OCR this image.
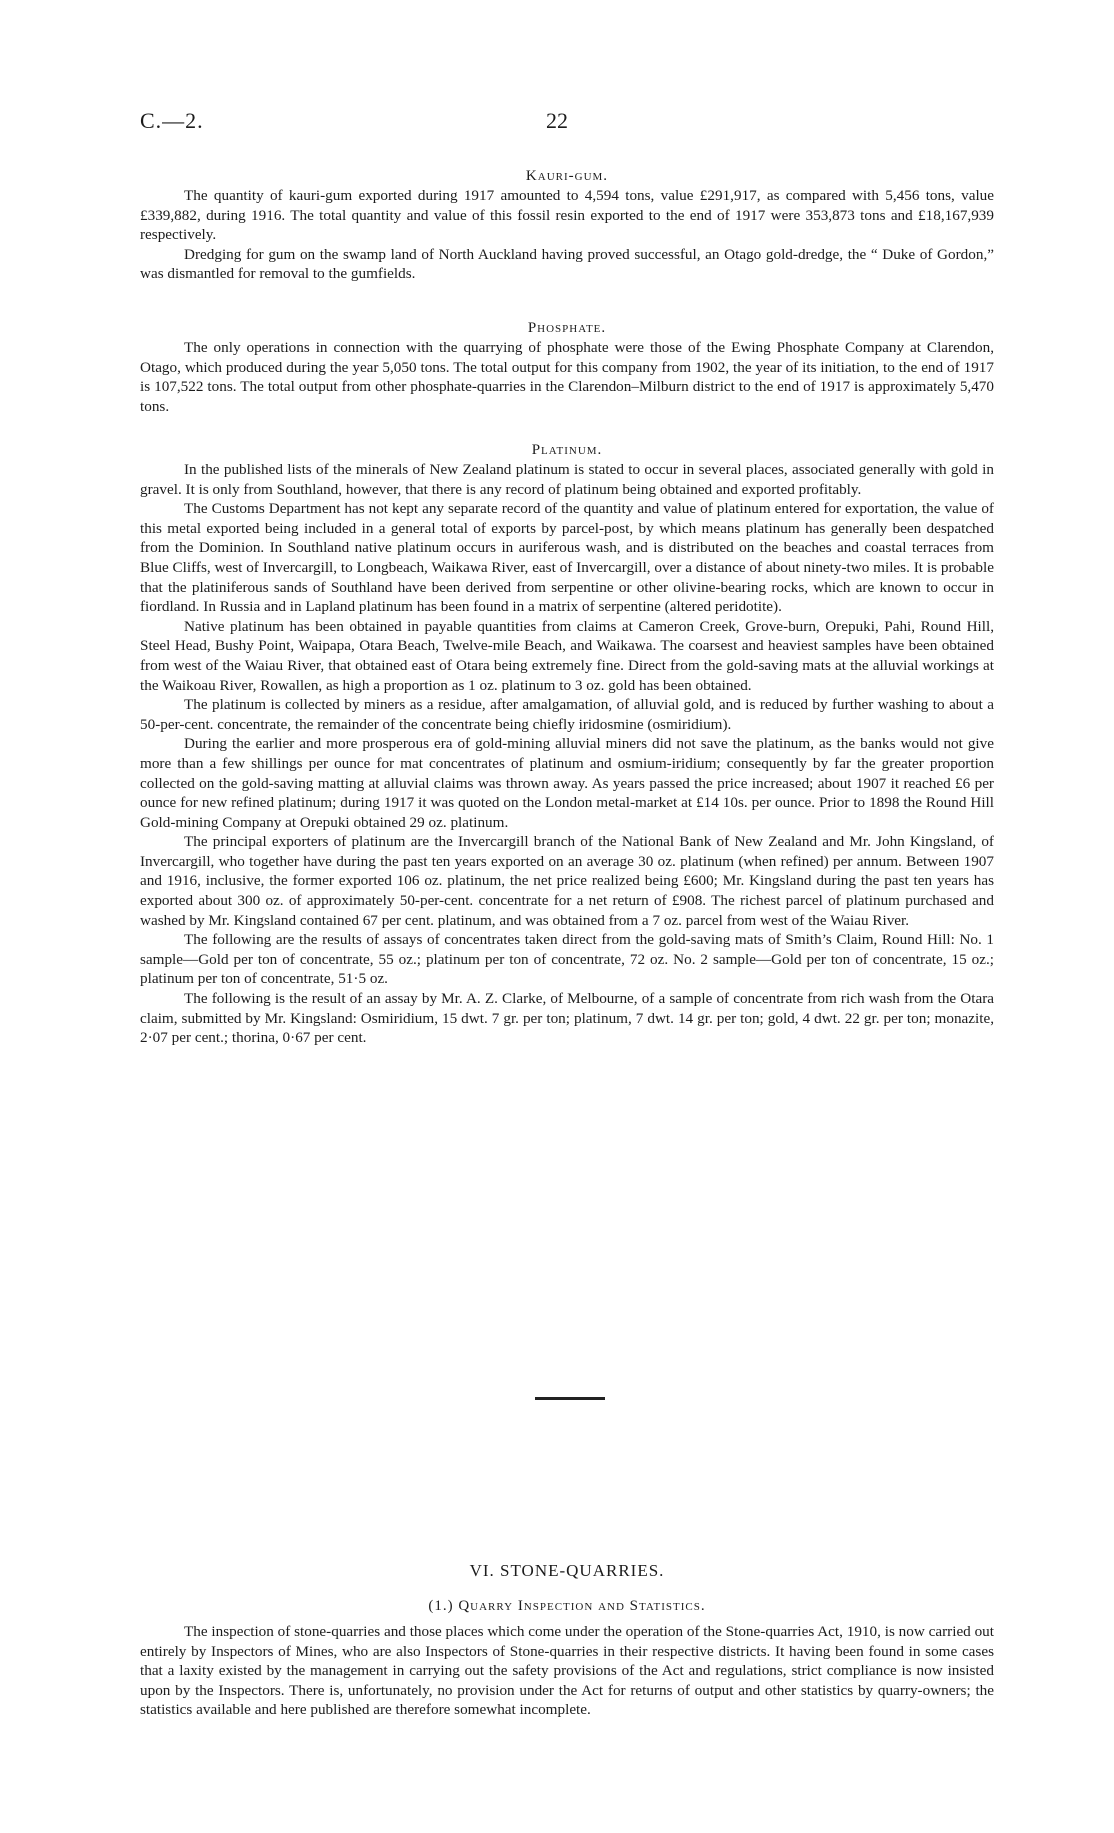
C.—2.	22
Kauri-gum.

The quantity of kauri-gum exported during 1917 amounted to 4,594 tons, value £291,917, as compared with 5,456 tons, value £339,882, during 1916. The total quantity and value of this fossil resin exported to the end of 1917 were 353,873 tons and £18,167,939 respectively.

Dredging for gum on the swamp land of North Auckland having proved successful, an Otago gold-dredge, the “ Duke of Gordon,” was dismantled for removal to the gumfields.

Phosphate.

The only operations in connection with the quarrying of phosphate were those of the Ewing Phosphate Company at Clarendon, Otago, which produced during the year 5,050 tons. The total output for this company from 1902, the year of its initiation, to the end of 1917 is 107,522 tons. The total output from other phosphate-quarries in the Clarendon–Milburn district to the end of 1917 is approximately 5,470 tons.

Platinum.

In the published lists of the minerals of New Zealand platinum is stated to occur in several places, associated generally with gold in gravel. It is only from Southland, however, that there is any record of platinum being obtained and exported profitably.

The Customs Department has not kept any separate record of the quantity and value of platinum entered for exportation, the value of this metal exported being included in a general total of exports by parcel-post, by which means platinum has generally been despatched from the Dominion. In Southland native platinum occurs in auriferous wash, and is distributed on the beaches and coastal terraces from Blue Cliffs, west of Invercargill, to Longbeach, Waikawa River, east of Invercargill, over a distance of about ninety-two miles. It is probable that the platiniferous sands of Southland have been derived from serpentine or other olivine-bearing rocks, which are known to occur in fiordland. In Russia and in Lapland platinum has been found in a matrix of serpentine (altered peridotite).

Native platinum has been obtained in payable quantities from claims at Cameron Creek, Grove-burn, Orepuki, Pahi, Round Hill, Steel Head, Bushy Point, Waipapa, Otara Beach, Twelve-mile Beach, and Waikawa. The coarsest and heaviest samples have been obtained from west of the Waiau River, that obtained east of Otara being extremely fine. Direct from the gold-saving mats at the alluvial workings at the Waikoau River, Rowallen, as high a proportion as 1 oz. platinum to 3 oz. gold has been obtained.

The platinum is collected by miners as a residue, after amalgamation, of alluvial gold, and is reduced by further washing to about a 50-per-cent. concentrate, the remainder of the concentrate being chiefly iridosmine (osmiridium).

During the earlier and more prosperous era of gold-mining alluvial miners did not save the platinum, as the banks would not give more than a few shillings per ounce for mat concentrates of platinum and osmium-iridium; consequently by far the greater proportion collected on the gold-saving matting at alluvial claims was thrown away. As years passed the price increased; about 1907 it reached £6 per ounce for new refined platinum; during 1917 it was quoted on the London metal-market at £14 10s. per ounce. Prior to 1898 the Round Hill Gold-mining Company at Orepuki obtained 29 oz. platinum.

The principal exporters of platinum are the Invercargill branch of the National Bank of New Zealand and Mr. John Kingsland, of Invercargill, who together have during the past ten years exported on an average 30 oz. platinum (when refined) per annum. Between 1907 and 1916, inclusive, the former exported 106 oz. platinum, the net price realized being £600; Mr. Kingsland during the past ten years has exported about 300 oz. of approximately 50-per-cent. concentrate for a net return of £908. The richest parcel of platinum purchased and washed by Mr. Kingsland contained 67 per cent. platinum, and was obtained from a 7 oz. parcel from west of the Waiau River.

The following are the results of assays of concentrates taken direct from the gold-saving mats of Smith’s Claim, Round Hill: No. 1 sample—Gold per ton of concentrate, 55 oz.; platinum per ton of concentrate, 72 oz. No. 2 sample—Gold per ton of concentrate, 15 oz.; platinum per ton of concentrate, 51·5 oz.

The following is the result of an assay by Mr. A. Z. Clarke, of Melbourne, of a sample of concentrate from rich wash from the Otara claim, submitted by Mr. Kingsland: Osmiridium, 15 dwt. 7 gr. per ton; platinum, 7 dwt. 14 gr. per ton; gold, 4 dwt. 22 gr. per ton; monazite, 2·07 per cent.; thorina, 0·67 per cent.

VI. STONE-QUARRIES.
(1.) Quarry Inspection and Statistics.

The inspection of stone-quarries and those places which come under the operation of the Stone-quarries Act, 1910, is now carried out entirely by Inspectors of Mines, who are also Inspectors of Stone-quarries in their respective districts. It having been found in some cases that a laxity existed by the management in carrying out the safety provisions of the Act and regulations, strict compliance is now insisted upon by the Inspectors. There is, unfortunately, no provision under the Act for returns of output and other statistics by quarry-owners; the statistics available and here published are therefore somewhat incomplete.
